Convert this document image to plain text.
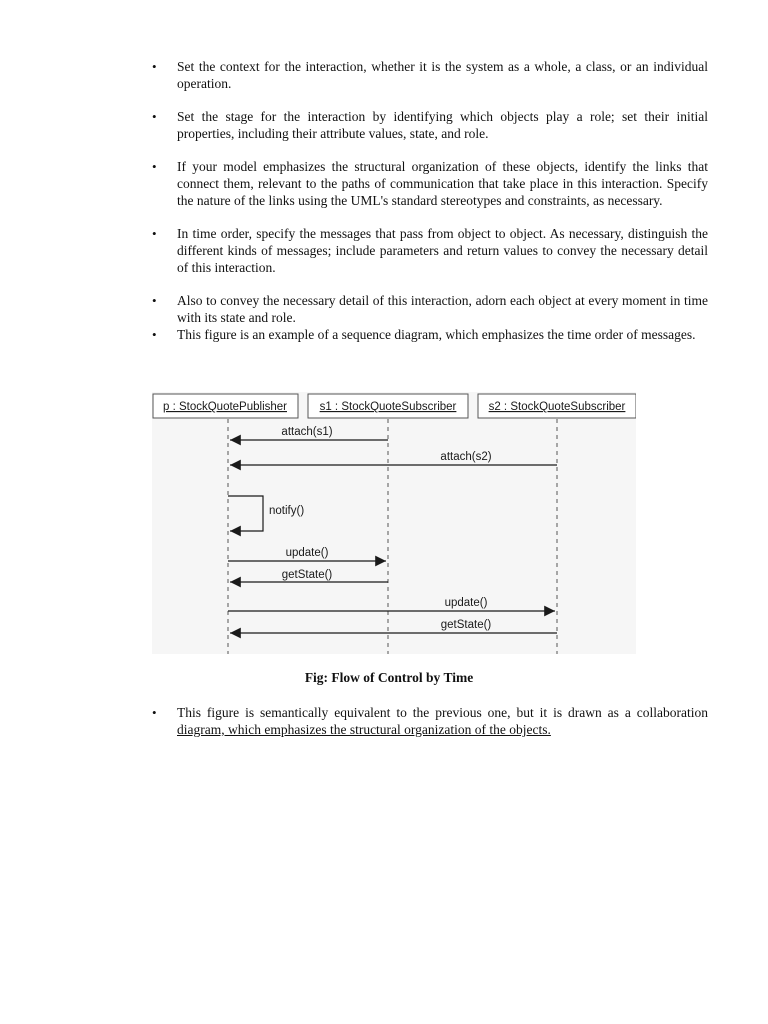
• Set the context for the interaction, whether it is the system as a whole, a class, or an individual operation.
• Set the stage for the interaction by identifying which objects play a role; set their initial properties, including their attribute values, state, and role.
• If your model emphasizes the structural organization of these objects, identify the links that connect them, relevant to the paths of communication that take place in this interaction. Specify the nature of the links using the UML's standard stereotypes and constraints, as necessary.
• In time order, specify the messages that pass from object to object. As necessary, distinguish the different kinds of messages; include parameters and return values to convey the necessary detail of this interaction.
• Also to convey the necessary detail of this interaction, adorn each object at every moment in time with its state and role.
• This figure is an example of a sequence diagram, which emphasizes the time order of messages.
p : StockQuotePublisher	s1 : StockQuoteSubscriber	s2 : StockQuoteSubscriber
attach(s1)
attach(s2)
notify()
update()
getState()
update()
getState()
Fig: Flow of Control by Time
• This figure is semantically equivalent to the previous one, but it is drawn as a collaboration diagram, which emphasizes the structural organization of the objects.
